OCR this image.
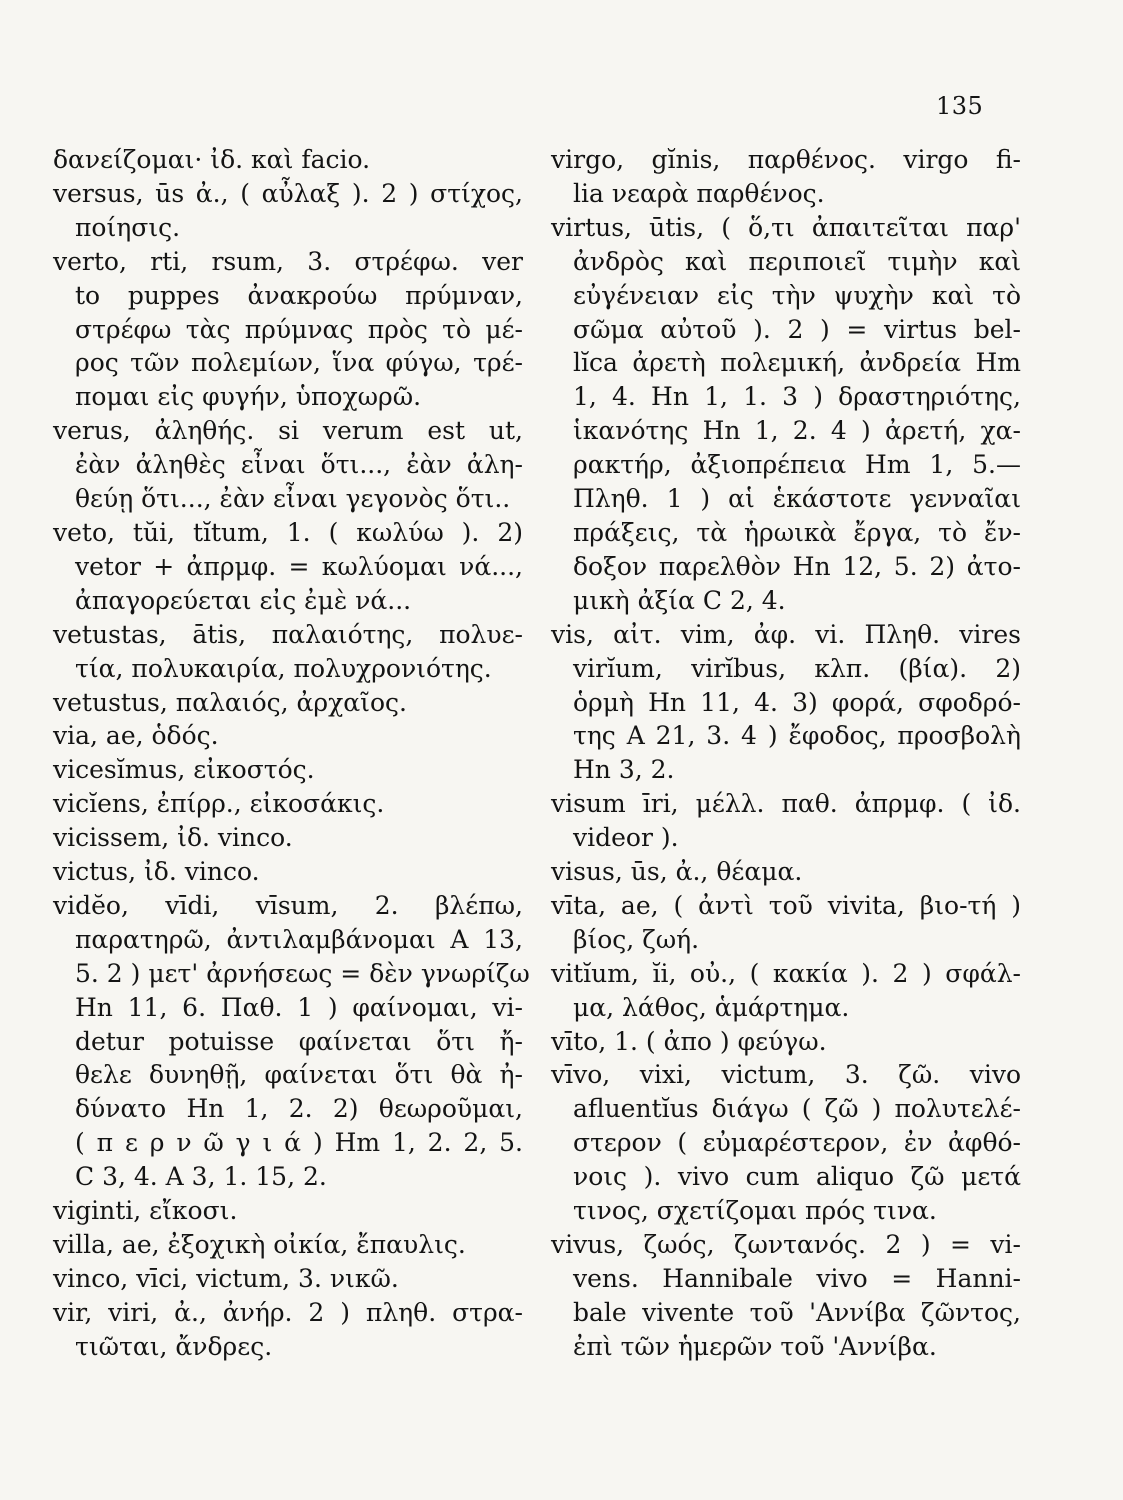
135
δανείζομαι· ἰδ. καὶ facio.
versus, ūs ἀ., ( αὖλαξ ). 2 ) στίχος,
ποίησις.
verto, rti, rsum, 3. στρέφω. ver
to puppes ἀνακρούω πρύμναν,
στρέφω τὰς πρύμνας πρὸς τὸ μέ-
ρος τῶν πολεμίων, ἵνα φύγω, τρέ-
πομαι εἰς φυγήν, ὑποχωρῶ.
verus, ἀληθής. si verum est ut,
ἐὰν ἀληθὲς εἶναι ὅτι..., ἐὰν ἀλη-
θεύῃ ὅτι..., ἐὰν εἶναι γεγονὸς ὅτι..
veto, tŭi, tĭtum, 1. ( κωλύω ). 2)
vetor + ἀπρμφ. = κωλύομαι νά...,
ἀπαγορεύεται εἰς ἐμὲ νά...
vetustas, ātis, παλαιότης, πολυε-
τία, πολυκαιρία, πολυχρονιότης.
vetustus, παλαιός, ἀρχαῖος.
via, ae, ὁδός.
vicesĭmus, εἰκοστός.
vicĭens, ἐπίρρ., εἰκοσάκις.
vicissem, ἰδ. vinco.
victus, ἰδ. vinco.
vidĕo, vīdi, vīsum, 2. βλέπω,
παρατηρῶ, ἀντιλαμβάνομαι A 13,
5. 2 ) μετ' ἀρνήσεως = δὲν γνωρίζω
Hn 11, 6. Παθ. 1 ) φαίνομαι, vi-
detur potuisse φαίνεται ὅτι ἤ-
θελε δυνηθῇ, φαίνεται ὅτι θὰ ἠ-
δύνατο Hn 1, 2. 2) θεωροῦμαι,
( π ε ρ ν ῶ γ ι ά ) Hm 1, 2. 2, 5.
C 3, 4. A 3, 1. 15, 2.
viginti, εἴκοσι.
villa, ae, ἐξοχικὴ οἰκία, ἔπαυλις.
vinco, vīci, victum, 3. νικῶ.
vir, viri, ἀ., ἀνήρ. 2 ) πληθ. στρα-
τιῶται, ἄνδρες.
virgo, gĭnis, παρθένος. virgo fi-
lia νεαρὰ παρθένος.
virtus, ūtis, ( ὅ,τι ἀπαιτεῖται παρ'
ἀνδρὸς καὶ περιποιεῖ τιμὴν καὶ
εὐγένειαν εἰς τὴν ψυχὴν καὶ τὸ
σῶμα αὐτοῦ ). 2 ) = virtus bel-
lĭca ἀρετὴ πολεμική, ἀνδρεία Hm
1, 4. Hn 1, 1. 3 ) δραστηριότης,
ἱκανότης Hn 1, 2. 4 ) ἀρετή, χα-
ρακτήρ, ἀξιοπρέπεια Hm 1, 5.—
Πληθ. 1 ) αἱ ἑκάστοτε γενναῖαι
πράξεις, τὰ ἡρωικὰ ἔργα, τὸ ἔν-
δοξον παρελθὸν Hn 12, 5. 2) ἀτο-
μικὴ ἀξία C 2, 4.
vis, αἰτ. vim, ἀφ. vi. Πληθ. vires
virĭum, virĭbus, κλπ. (βία). 2)
ὁρμὴ Hn 11, 4. 3) φορά, σφοδρό-
της A 21, 3. 4 ) ἔφοδος, προσβολὴ
Hn 3, 2.
visum īri, μέλλ. παθ. ἀπρμφ. ( ἰδ.
videor ).
visus, ūs, ἀ., θέαμα.
vīta, ae, ( ἀντὶ τοῦ vivita, βιο-τή )
βίος, ζωή.
vitĭum, ĭi, οὐ., ( κακία ). 2 ) σφάλ-
μα, λάθος, ἁμάρτημα.
vīto, 1. ( ἀπο ) φεύγω.
vīvo, vixi, victum, 3. ζῶ. vivo
afluentĭus διάγω ( ζῶ ) πολυτελέ-
στερον ( εὐμαρέστερον, ἐν ἀφθό-
νοις ). vivo cum aliquo ζῶ μετά
τινος, σχετίζομαι πρός τινα.
vivus, ζωός, ζωντανός. 2 ) = vi-
vens. Hannibale vivo = Hanni-
bale vivente τοῦ 'Αννίβα ζῶντος,
ἐπὶ τῶν ἡμερῶν τοῦ 'Αννίβα.
